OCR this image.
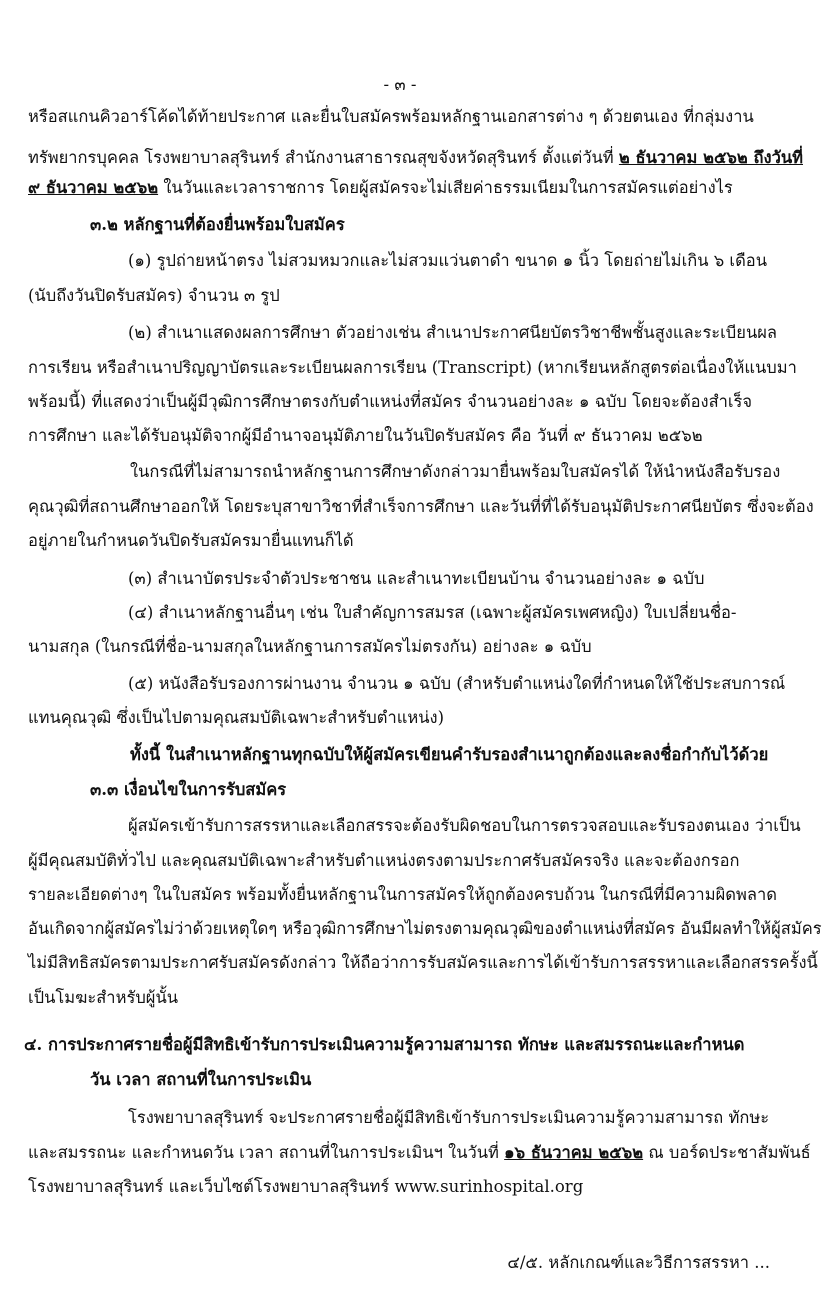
- ๓ -
หรือสแกนคิวอาร์โค้ดได้ท้ายประกาศ และยื่นใบสมัครพร้อมหลักฐานเอกสารต่าง ๆ ด้วยตนเอง ที่กลุ่มงาน
ทรัพยากรบุคคล โรงพยาบาลสุรินทร์ สำนักงานสาธารณสุขจังหวัดสุรินทร์ ตั้งแต่วันที่ ๒ ธันวาคม ๒๕๖๒ ถึงวันที่
๙ ธันวาคม ๒๕๖๒ ในวันและเวลาราชการ โดยผู้สมัครจะไม่เสียค่าธรรมเนียมในการสมัครแต่อย่างไร
๓.๒ หลักฐานที่ต้องยื่นพร้อมใบสมัคร
(๑) รูปถ่ายหน้าตรง ไม่สวมหมวกและไม่สวมแว่นตาดำ ขนาด ๑ นิ้ว โดยถ่ายไม่เกิน ๖ เดือน
(นับถึงวันปิดรับสมัคร) จำนวน ๓ รูป
(๒) สำเนาแสดงผลการศึกษา ตัวอย่างเช่น สำเนาประกาศนียบัตรวิชาชีพชั้นสูงและระเบียนผล
การเรียน หรือสำเนาปริญญาบัตรและระเบียนผลการเรียน (Transcript) (หากเรียนหลักสูตรต่อเนื่องให้แนบมา
พร้อมนี้) ที่แสดงว่าเป็นผู้มีวุฒิการศึกษาตรงกับตำแหน่งที่สมัคร จำนวนอย่างละ ๑ ฉบับ โดยจะต้องสำเร็จ
การศึกษา และได้รับอนุมัติจากผู้มีอำนาจอนุมัติภายในวันปิดรับสมัคร คือ วันที่ ๙ ธันวาคม ๒๕๖๒
ในกรณีที่ไม่สามารถนำหลักฐานการศึกษาดังกล่าวมายื่นพร้อมใบสมัครได้ ให้นำหนังสือรับรอง
คุณวุฒิที่สถานศึกษาออกให้ โดยระบุสาขาวิชาที่สำเร็จการศึกษา และวันที่ที่ได้รับอนุมัติประกาศนียบัตร ซึ่งจะต้อง
อยู่ภายในกำหนดวันปิดรับสมัครมายื่นแทนก็ได้
(๓) สำเนาบัตรประจำตัวประชาชน และสำเนาทะเบียนบ้าน จำนวนอย่างละ ๑ ฉบับ
(๔) สำเนาหลักฐานอื่นๆ เช่น ใบสำคัญการสมรส (เฉพาะผู้สมัครเพศหญิง) ใบเปลี่ยนชื่อ-
นามสกุล (ในกรณีที่ชื่อ-นามสกุลในหลักฐานการสมัครไม่ตรงกัน) อย่างละ ๑ ฉบับ
(๕) หนังสือรับรองการผ่านงาน จำนวน ๑ ฉบับ (สำหรับตำแหน่งใดที่กำหนดให้ใช้ประสบการณ์
แทนคุณวุฒิ ซึ่งเป็นไปตามคุณสมบัติเฉพาะสำหรับตำแหน่ง)
ทั้งนี้ ในสำเนาหลักฐานทุกฉบับให้ผู้สมัครเขียนคำรับรองสำเนาถูกต้องและลงชื่อกำกับไว้ด้วย
๓.๓ เงื่อนไขในการรับสมัคร
ผู้สมัครเข้ารับการสรรหาและเลือกสรรจะต้องรับผิดชอบในการตรวจสอบและรับรองตนเอง ว่าเป็น
ผู้มีคุณสมบัติทั่วไป และคุณสมบัติเฉพาะสำหรับตำแหน่งตรงตามประกาศรับสมัครจริง และจะต้องกรอก
รายละเอียดต่างๆ ในใบสมัคร พร้อมทั้งยื่นหลักฐานในการสมัครให้ถูกต้องครบถ้วน ในกรณีที่มีความผิดพลาด
อันเกิดจากผู้สมัครไม่ว่าด้วยเหตุใดๆ หรือวุฒิการศึกษาไม่ตรงตามคุณวุฒิของตำแหน่งที่สมัคร อันมีผลทำให้ผู้สมัคร
ไม่มีสิทธิสมัครตามประกาศรับสมัครดังกล่าว ให้ถือว่าการรับสมัครและการได้เข้ารับการสรรหาและเลือกสรรครั้งนี้
เป็นโมฆะสำหรับผู้นั้น
๔. การประกาศรายชื่อผู้มีสิทธิเข้ารับการประเมินความรู้ความสามารถ ทักษะ และสมรรถนะและกำหนด
วัน เวลา สถานที่ในการประเมิน
โรงพยาบาลสุรินทร์ จะประกาศรายชื่อผู้มีสิทธิเข้ารับการประเมินความรู้ความสามารถ ทักษะ
และสมรรถนะ และกำหนดวัน เวลา สถานที่ในการประเมินฯ ในวันที่ ๑๖ ธันวาคม ๒๕๖๒ ณ บอร์ดประชาสัมพันธ์
โรงพยาบาลสุรินทร์ และเว็บไซต์โรงพยาบาลสุรินทร์ www.surinhospital.org
๔/๕. หลักเกณฑ์และวิธีการสรรหา ...
